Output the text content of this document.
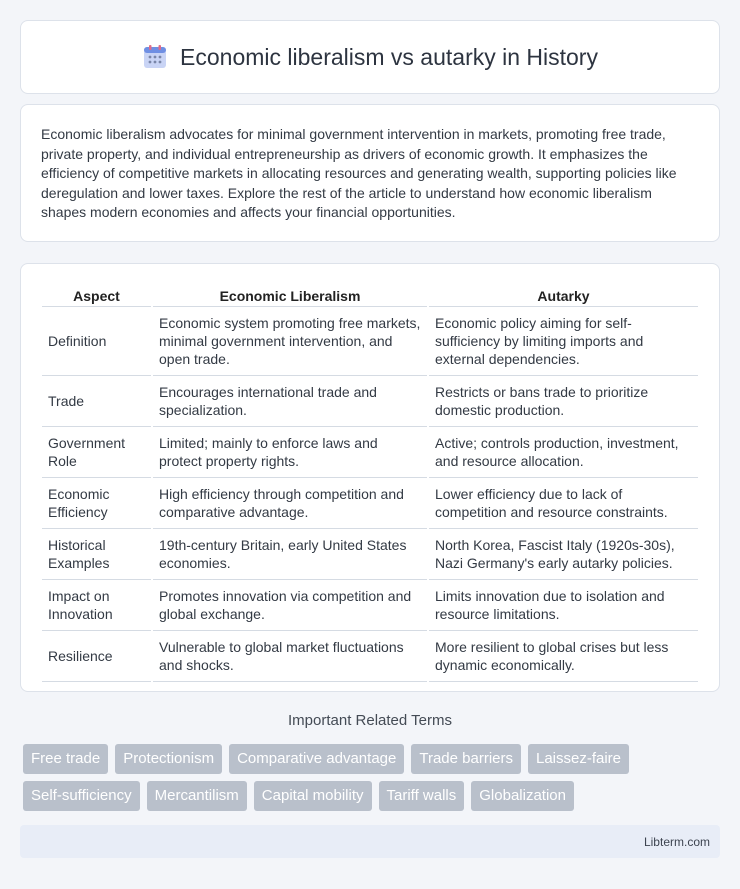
Economic liberalism vs autarky in History

Economic liberalism advocates for minimal government intervention in markets, promoting free trade, private property, and individual entrepreneurship as drivers of economic growth. It emphasizes the efficiency of competitive markets in allocating resources and generating wealth, supporting policies like deregulation and lower taxes. Explore the rest of the article to understand how economic liberalism shapes modern economies and affects your financial opportunities.

Aspect	Economic Liberalism	Autarky
Definition	Economic system promoting free markets, minimal government intervention, and open trade.	Economic policy aiming for self-sufficiency by limiting imports and external dependencies.
Trade	Encourages international trade and specialization.	Restricts or bans trade to prioritize domestic production.
Government Role	Limited; mainly to enforce laws and protect property rights.	Active; controls production, investment, and resource allocation.
Economic Efficiency	High efficiency through competition and comparative advantage.	Lower efficiency due to lack of competition and resource constraints.
Historical Examples	19th-century Britain, early United States economies.	North Korea, Fascist Italy (1920s-30s), Nazi Germany's early autarky policies.
Impact on Innovation	Promotes innovation via competition and global exchange.	Limits innovation due to isolation and resource limitations.
Resilience	Vulnerable to global market fluctuations and shocks.	More resilient to global crises but less dynamic economically.
Important Related Terms
Free trade	Protectionism	Comparative advantage	Trade barriers	Laissez-faire
Self-sufficiency	Mercantilism	Capital mobility	Tariff walls	Globalization
Libterm.com
